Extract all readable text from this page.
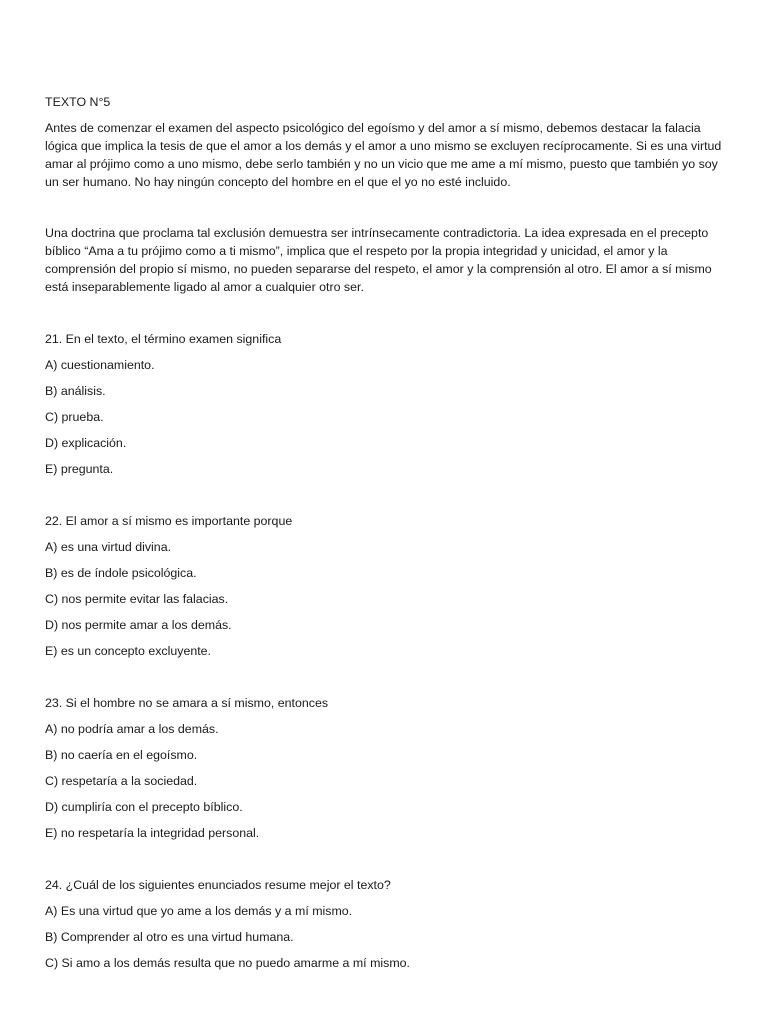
TEXTO N°5

Antes de comenzar el examen del aspecto psicológico del egoísmo y del amor a sí mismo, debemos destacar la falacia lógica que implica la tesis de que el amor a los demás y el amor a uno mismo se excluyen recíprocamente. Si es una virtud amar al prójimo como a uno mismo, debe serlo también y no un vicio que me ame a mí mismo, puesto que también yo soy un ser humano. No hay ningún concepto del hombre en el que el yo no esté incluido.

Una doctrina que proclama tal exclusión demuestra ser intrínsecamente contradictoria. La idea expresada en el precepto bíblico “Ama a tu prójimo como a ti mismo”, implica que el respeto por la propia integridad y unicidad, el amor y la comprensión del propio sí mismo, no pueden separarse del respeto, el amor y la comprensión al otro. El amor a sí mismo está inseparablemente ligado al amor a cualquier otro ser.

21. En el texto, el término examen significa

A) cuestionamiento.
B) análisis.
C) prueba.
D) explicación.
E) pregunta.

22. El amor a sí mismo es importante porque

A) es una virtud divina.
B) es de índole psicológica.
C) nos permite evitar las falacias.
D) nos permite amar a los demás.
E) es un concepto excluyente.

23. Si el hombre no se amara a sí mismo, entonces

A) no podría amar a los demás.
B) no caería en el egoísmo.
C) respetaría a la sociedad.
D) cumpliría con el precepto bíblico.
E) no respetaría la integridad personal.

24. ¿Cuál de los siguientes enunciados resume mejor el texto?

A) Es una virtud que yo ame a los demás y a mí mismo.
B) Comprender al otro es una virtud humana.
C) Si amo a los demás resulta que no puedo amarme a mí mismo.
